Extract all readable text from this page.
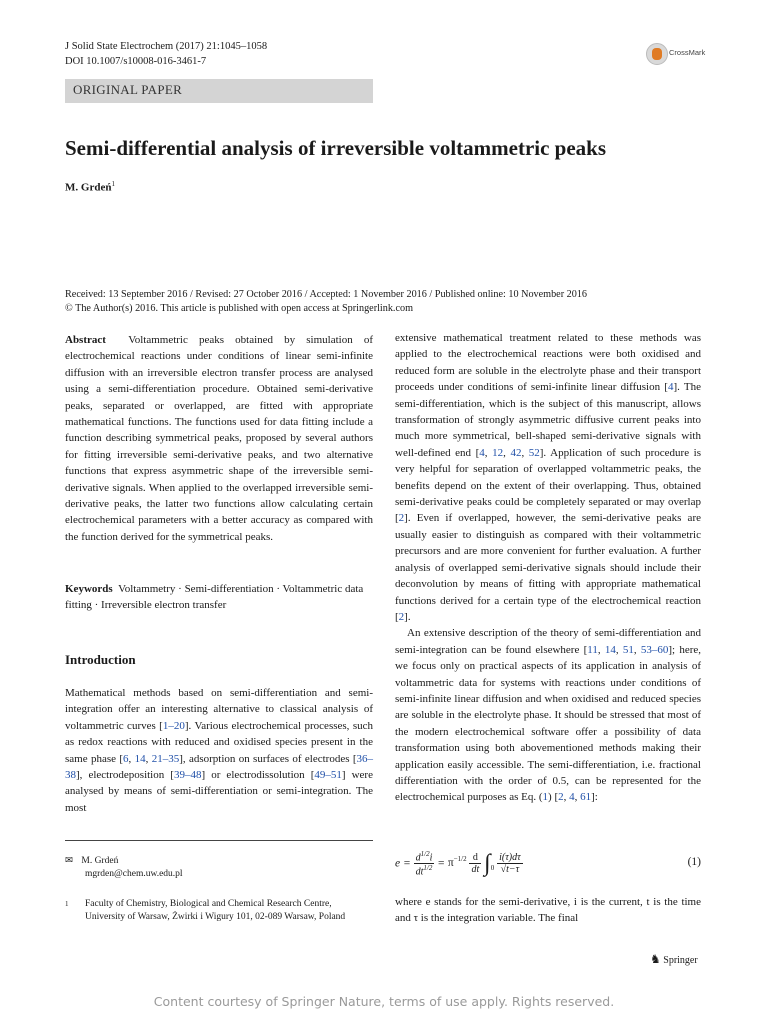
J Solid State Electrochem (2017) 21:1045–1058
DOI 10.1007/s10008-016-3461-7
CrossMark
ORIGINAL PAPER
Semi-differential analysis of irreversible voltammetric peaks
M. Grdeń$^1$
Received: 13 September 2016 / Revised: 27 October 2016 / Accepted: 1 November 2016 / Published online: 10 November 2016
© The Author(s) 2016. This article is published with open access at Springerlink.com

Abstract Voltammetric peaks obtained by simulation of electrochemical reactions under conditions of linear semi-infinite diffusion with an irreversible electron transfer process are analysed using a semi-differentiation procedure. Obtained semi-derivative peaks, separated or overlapped, are fitted with appropriate mathematical functions. The functions used for data fitting include a function describing symmetrical peaks, proposed by several authors for fitting irreversible semi-derivative peaks, and two alternative functions that express asymmetric shape of the irreversible semi-derivative signals. When applied to the overlapped irreversible semi-derivative peaks, the latter two functions allow calculating certain electrochemical parameters with a better accuracy as compared with the function derived for the symmetrical peaks.

Keywords Voltammetry · Semi-differentiation · Voltammetric data fitting · Irreversible electron transfer

Introduction

Mathematical methods based on semi-differentiation and semi-integration offer an interesting alternative to classical analysis of voltammetric curves [1–20]. Various electrochemical processes, such as redox reactions with reduced and oxidised species present in the same phase [6, 14, 21–35], adsorption on surfaces of electrodes [36–38], electrodeposition [39–48] or electrodissolution [49–51] were analysed by means of semi-differentiation or semi-integration. The most

✉ M. Grdeń
mgrden@chem.uw.edu.pl
1	Faculty of Chemistry, Biological and Chemical Research Centre,
University of Warsaw, Żwirki i Wigury 101, 02-089 Warsaw, Poland

extensive mathematical treatment related to these methods was applied to the electrochemical reactions were both oxidised and reduced form are soluble in the electrolyte phase and their transport proceeds under conditions of semi-infinite linear diffusion [4]. The semi-differentiation, which is the subject of this manuscript, allows transformation of strongly asymmetric diffusive current peaks into much more symmetrical, bell-shaped semi-derivative signals with well-defined end [4, 12, 42, 52]. Application of such procedure is very helpful for separation of overlapped voltammetric peaks, the benefits depend on the extent of their overlapping. Thus, obtained semi-derivative peaks could be completely separated or may overlap [2]. Even if overlapped, however, the semi-derivative peaks are usually easier to distinguish as compared with their voltammetric precursors and are more convenient for further evaluation. A further analysis of overlapped semi-derivative signals should include their deconvolution by means of fitting with appropriate mathematical functions derived for a certain type of the electrochemical reaction [2].

An extensive description of the theory of semi-differentiation and semi-integration can be found elsewhere [11, 14, 51, 53–60]; here, we focus only on practical aspects of its application in analysis of voltammetric data for systems with reactions under conditions of semi-infinite linear diffusion and when oxidised and reduced species are soluble in the electrolyte phase. It should be stressed that most of the modern electrochemical software offer a possibility of data transformation using both abovementioned methods making their application easily accessible. The semi-differentiation, i.e. fractional differentiation with the order of 0.5, can be represented for the electrochemical purposes as Eq. (1) [2, 4, 61]:

$e = \frac{d^{1/2}i}{dt^{1/2}} = \pi^{-1/2} \frac{d}{dt} \int_0 \frac{i(\tau)d\tau}{√t-\tau}$	(1)

where e stands for the semi-derivative, i is the current, t is the time and τ is the integration variable. The final

♞ Springer
Content courtesy of Springer Nature, terms of use apply. Rights reserved.
